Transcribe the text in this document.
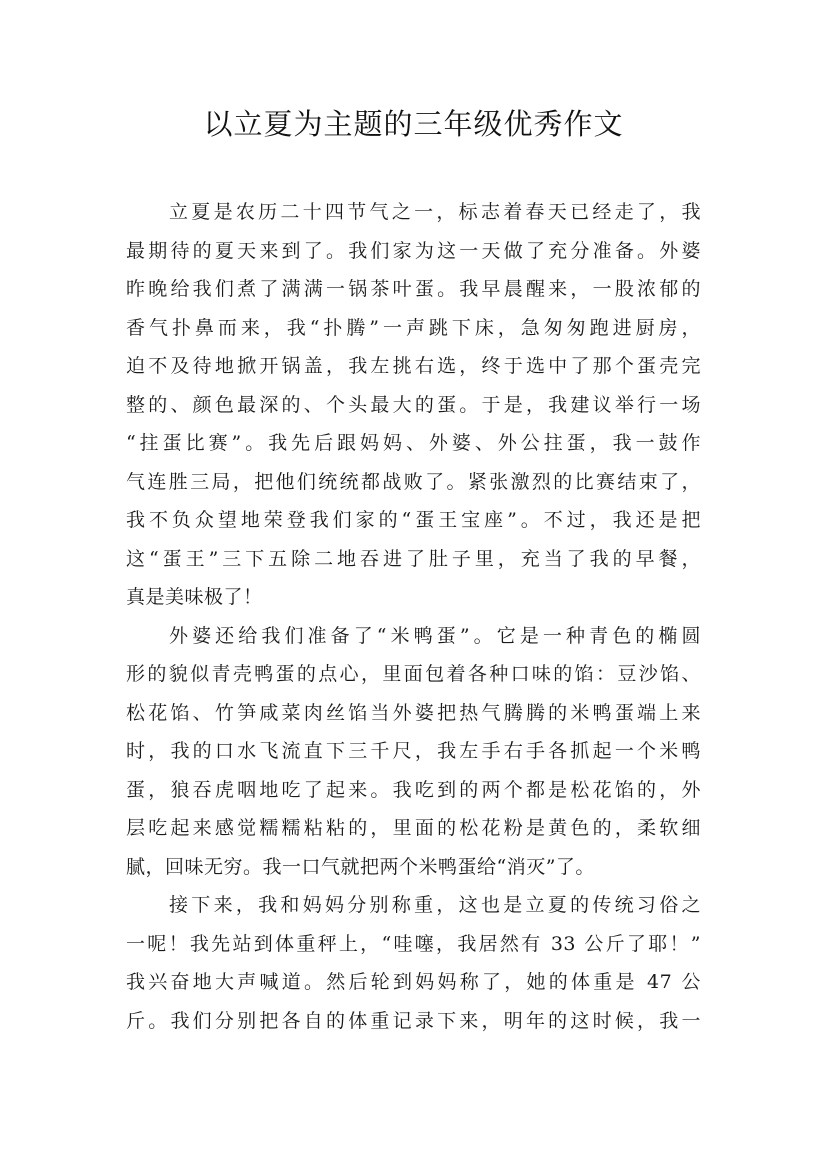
以立夏为主题的三年级优秀作文
立夏是农历二十四节气之一，标志着春天已经走了，我
最期待的夏天来到了。我们家为这一天做了充分准备。外婆
昨晚给我们煮了满满一锅茶叶蛋。我早晨醒来，一股浓郁的
香气扑鼻而来，我“扑腾”一声跳下床，急匆匆跑进厨房，
迫不及待地掀开锅盖，我左挑右选，终于选中了那个蛋壳完
整的、颜色最深的、个头最大的蛋。于是，我建议举行一场
“拄蛋比赛”。我先后跟妈妈、外婆、外公拄蛋，我一鼓作
气连胜三局，把他们统统都战败了。紧张激烈的比赛结束了，
我不负众望地荣登我们家的“蛋王宝座”。不过，我还是把
这“蛋王”三下五除二地吞进了肚子里，充当了我的早餐，
真是美味极了！
外婆还给我们准备了“米鸭蛋”。它是一种青色的椭圆
形的貌似青壳鸭蛋的点心，里面包着各种口味的馅：豆沙馅、
松花馅、竹笋咸菜肉丝馅当外婆把热气腾腾的米鸭蛋端上来
时，我的口水飞流直下三千尺，我左手右手各抓起一个米鸭
蛋，狼吞虎咽地吃了起来。我吃到的两个都是松花馅的，外
层吃起来感觉糯糯粘粘的，里面的松花粉是黄色的，柔软细
腻，回味无穷。我一口气就把两个米鸭蛋给“消灭”了。
接下来，我和妈妈分别称重，这也是立夏的传统习俗之
一呢！我先站到体重秤上，“哇噻，我居然有 33 公斤了耶！”
我兴奋地大声喊道。然后轮到妈妈称了，她的体重是 47 公
斤。我们分别把各自的体重记录下来，明年的这时候，我一
